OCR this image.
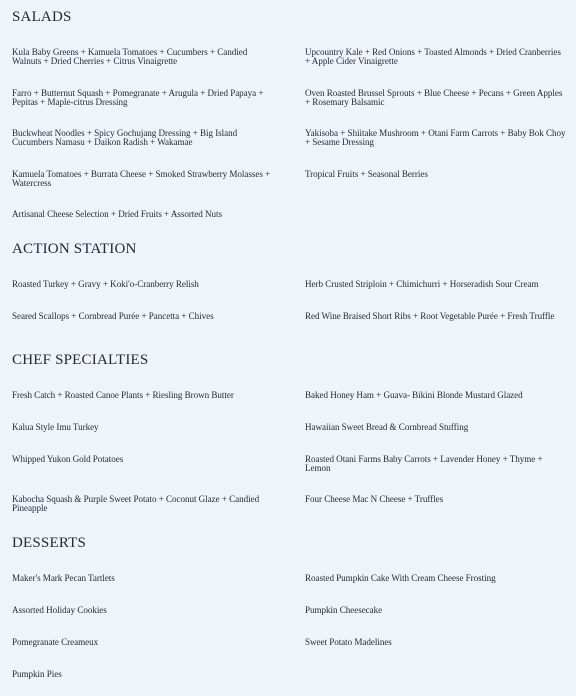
SALADS
Kula Baby Greens + Kamuela Tomatoes + Cucumbers + Candied Walnuts + Dried Cherries + Citrus Vinaigrette
Farro + Butternut Squash + Pomegranate + Arugula + Dried Papaya + Pepitas + Maple-citrus Dressing
Buckwheat Noodles + Spicy Gochujang Dressing + Big Island Cucumbers Namasu + Daikon Radish + Wakamae
Kamuela Tomatoes + Burrata Cheese + Smoked Strawberry Molasses + Watercress
Artisanal Cheese Selection + Dried Fruits + Assorted Nuts
Upcountry Kale + Red Onions + Toasted Almonds + Dried Cranberries + Apple Cider Vinaigrette
Oven Roasted Brussel Sprouts + Blue Cheese + Pecans + Green Apples + Rosemary Balsamic
Yakisoba + Shiitake Mushroom + Otani Farm Carrots + Baby Bok Choy + Sesame Dressing
Tropical Fruits + Seasonal Berries
ACTION STATION
Roasted Turkey + Gravy + Koki'o-Cranberry Relish
Seared Scallops + Cornbread Purée + Pancetta + Chives
Herb Crusted Striploin + Chimichurri + Horseradish Sour Cream
Red Wine Braised Short Ribs + Root Vegetable Purée + Fresh Truffle
CHEF SPECIALTIES
Fresh Catch + Roasted Canoe Plants + Riesling Brown Butter
Kalua Style Imu Turkey
Whipped Yukon Gold Potatoes
Kabocha Squash & Purple Sweet Potato + Coconut Glaze + Candied Pineapple
Baked Honey Ham + Guava- Bikini Blonde Mustard Glazed
Hawaiian Sweet Bread & Cornbread Stuffing
Roasted Otani Farms Baby Carrots + Lavender Honey + Thyme + Lemon
Four Cheese Mac N Cheese + Truffles
DESSERTS
Maker's Mark Pecan Tartlets
Assorted Holiday Cookies
Pomegranate Creameux
Pumpkin Pies
Roasted Pumpkin Cake With Cream Cheese Frosting
Pumpkin Cheesecake
Sweet Potato Madelines
